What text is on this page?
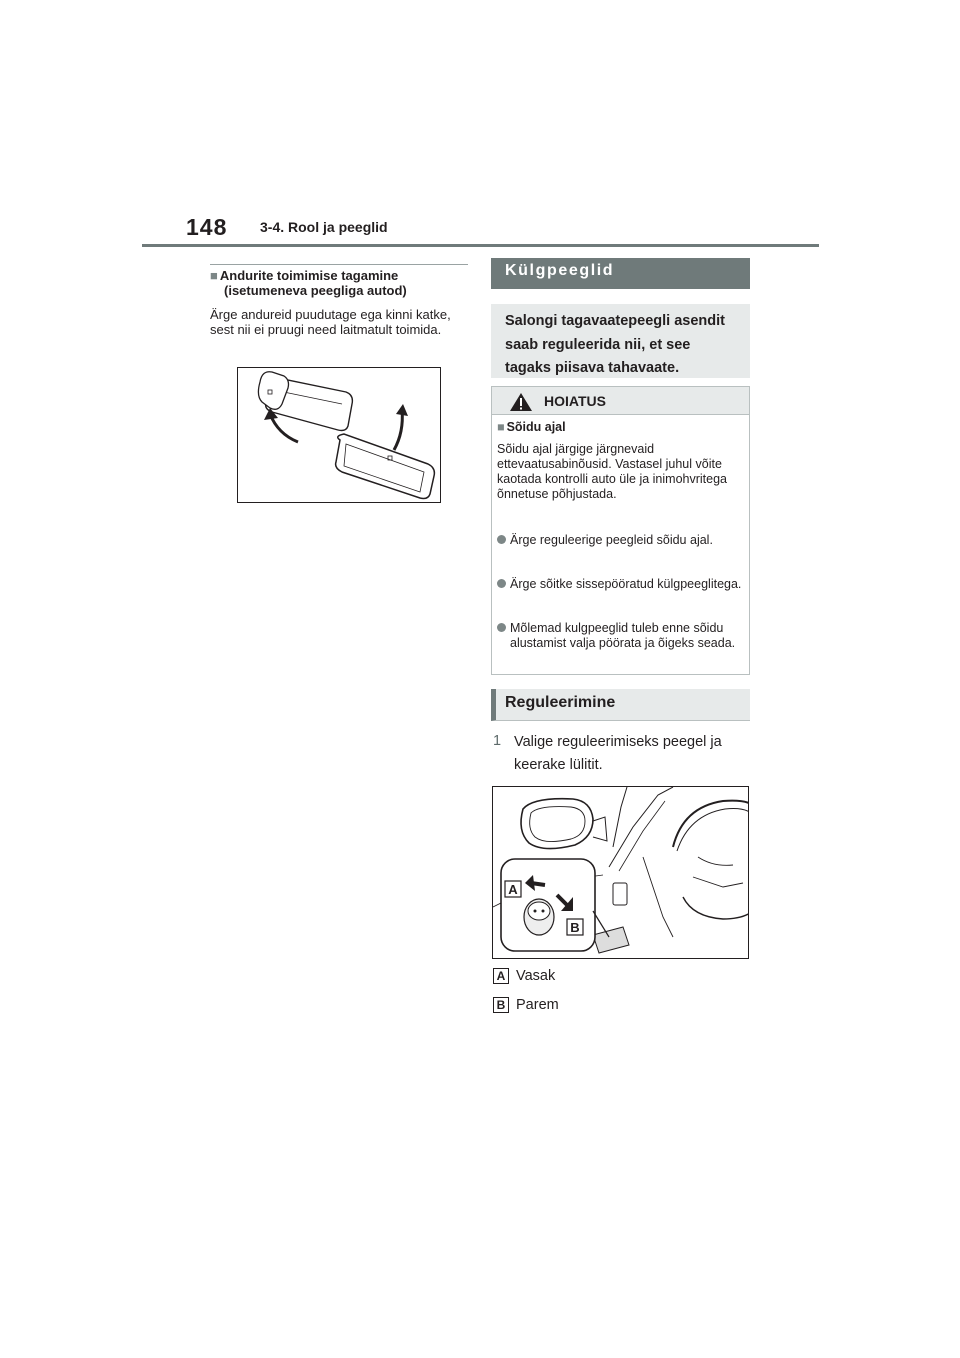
148 3-4. Rool ja peeglid
■ Andurite toimimise tagamine (isetumeneva peegliga autod)
Ärge andureid puudutage ega kinni katke, sest nii ei pruugi need laitmatult toimida.
Külgpeeglid
Salongi tagavaatepeegli asendit saab reguleerida nii, et see tagaks piisava tahavaate.
HOIATUS
■ Sõidu ajal
Sõidu ajal järgige järgnevaid ettevaatusabinõusid. Vastasel juhul võite kaotada kontrolli auto üle ja inimohvritega õnnetuse põhjustada.
Ärge reguleerige peegleid sõidu ajal.
Ärge sõitke sissepööratud külgpeeglitega.
Mõlemad kulgpeeglid tuleb enne sõidu alustamist valja pöörata ja õigeks seada.
Reguleerimine
1 Valige reguleerimiseks peegel ja keerake lülitit.
A
B
A Vasak
B Parem
